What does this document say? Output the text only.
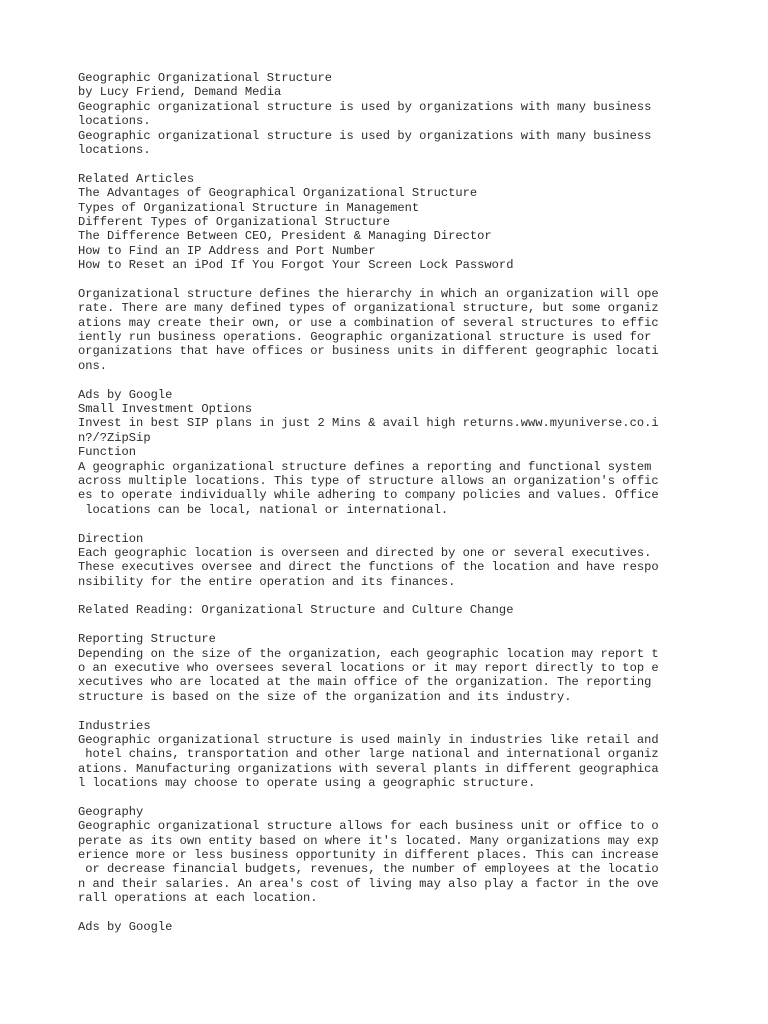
Geographic Organizational Structure
by Lucy Friend, Demand Media
Geographic organizational structure is used by organizations with many business
locations.
Geographic organizational structure is used by organizations with many business
locations.
Related Articles
The Advantages of Geographical Organizational Structure
Types of Organizational Structure in Management
Different Types of Organizational Structure
The Difference Between CEO, President & Managing Director
How to Find an IP Address and Port Number
How to Reset an iPod If You Forgot Your Screen Lock Password
Organizational structure defines the hierarchy in which an organization will ope
rate. There are many defined types of organizational structure, but some organiz
ations may create their own, or use a combination of several structures to effic
iently run business operations. Geographic organizational structure is used for
organizations that have offices or business units in different geographic locati
ons.
Ads by Google
Small Investment Options
Invest in best SIP plans in just 2 Mins & avail high returns.www.myuniverse.co.i
n?/?ZipSip
Function
A geographic organizational structure defines a reporting and functional system
across multiple locations. This type of structure allows an organization's offic
es to operate individually while adhering to company policies and values. Office
locations can be local, national or international.
Direction
Each geographic location is overseen and directed by one or several executives.
These executives oversee and direct the functions of the location and have respo
nsibility for the entire operation and its finances.
Related Reading: Organizational Structure and Culture Change
Reporting Structure
Depending on the size of the organization, each geographic location may report t
o an executive who oversees several locations or it may report directly to top e
xecutives who are located at the main office of the organization. The reporting
structure is based on the size of the organization and its industry.
Industries
Geographic organizational structure is used mainly in industries like retail and
hotel chains, transportation and other large national and international organiz
ations. Manufacturing organizations with several plants in different geographica
l locations may choose to operate using a geographic structure.
Geography
Geographic organizational structure allows for each business unit or office to o
perate as its own entity based on where it's located. Many organizations may exp
erience more or less business opportunity in different places. This can increase
or decrease financial budgets, revenues, the number of employees at the locatio
n and their salaries. An area's cost of living may also play a factor in the ove
rall operations at each location.
Ads by Google
